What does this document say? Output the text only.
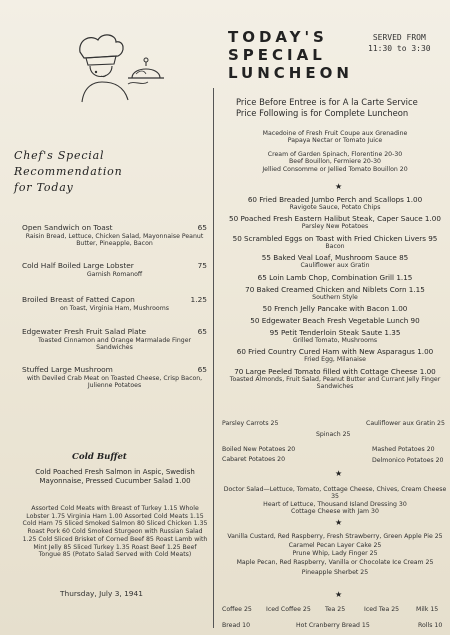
TODAY'S
SPECIAL
LUNCHEON
SERVED FROM
11:30 to 3:30
Price Before Entree is for A la Carte Service
Price Following is for Complete Luncheon
Chef's Special
Recommendation
for Today
Open Sandwich on Toast	65
Raisin Bread, Lettuce, Chicken Salad, Mayonnaise Peanut Butter, Pineapple, Bacon
Cold Half Boiled Large Lobster	75
Garnish Romanoff
Broiled Breast of Fatted Capon	1.25
on Toast, Virginia Ham, Mushrooms
Edgewater Fresh Fruit Salad Plate	65
Toasted Cinnamon and Orange Marmalade Finger Sandwiches
Stuffed Large Mushroom	65
with Deviled Crab Meat on Toasted Cheese, Crisp Bacon, Julienne Potatoes
Cold Buffet
Cold Poached Fresh Salmon in Aspic, Swedish Mayonnaise, Pressed Cucumber Salad 1.00
Assorted Cold Meats with Breast of Turkey 1.15 Whole Lobster 1.75 Virginia Ham 1.00 Assorted Cold Meats 1.15 Cold Ham 75 Sliced Smoked Salmon 80 Sliced Chicken 1.35 Roast Pork 60 Cold Smoked Sturgeon with Russian Salad 1.25 Cold Sliced Brisket of Corned Beef 85 Roast Lamb with Mint Jelly 85 Sliced Turkey 1.35 Roast Beef 1.25 Beef Tongue 85 (Potato Salad Served with Cold Meats)
Thursday, July 3, 1941
Macedoine of Fresh Fruit Coupe aux Grenadine
Papaya Nectar or Tomato Juice
Cream of Garden Spinach, Florentine 20-30
Beef Bouillon, Fermiere 20-30
Jellied Consomme or Jellied Tomato Bouillon 20
★
60 Fried Breaded Jumbo Perch and Scallops 1.00
Ravigote Sauce, Potato Chips
50 Poached Fresh Eastern Halibut Steak, Caper Sauce 1.00
Parsley New Potatoes
50 Scrambled Eggs on Toast with Fried Chicken Livers 95
Bacon
55 Baked Veal Loaf, Mushroom Sauce 85
Cauliflower aux Gratin
65 Loin Lamb Chop, Combination Grill 1.15
70 Baked Creamed Chicken and Niblets Corn 1.15
Southern Style
50 French Jelly Pancake with Bacon 1.00
50 Edgewater Beach Fresh Vegetable Lunch 90
95 Petit Tenderloin Steak Saute 1.35
Grilled Tomato, Mushrooms
60 Fried Country Cured Ham with New Asparagus 1.00
Fried Egg, Milanaise
70 Large Peeled Tomato filled with Cottage Cheese 1.00
Toasted Almonds, Fruit Salad, Peanut Butter and Currant Jelly Finger Sandwiches
Parsley Carrots 25	Cauliflower aux Gratin 25
Spinach 25
Boiled New Potatoes 20	Mashed Potatoes 20
Cabaret Potatoes 20	Delmonico Potatoes 20
★
Doctor Salad—Lettuce, Tomato, Cottage Cheese, Chives, Cream Cheese 35
Heart of Lettuce, Thousand Island Dressing 30
Cottage Cheese with Jam 30
★
Vanilla Custard, Red Raspberry, Fresh Strawberry, Green Apple Pie 25
Caramel Pecan Layer Cake 25
Prune Whip, Lady Finger 25
Maple Pecan, Red Raspberry, Vanilla or Chocolate Ice Cream 25
Pineapple Sherbet 25
★
Coffee 25 Iced Coffee 25 Tea 25	Iced Tea 25	Milk 15
Bread 10	Hot Cranberry Bread 15	Rolls 10
